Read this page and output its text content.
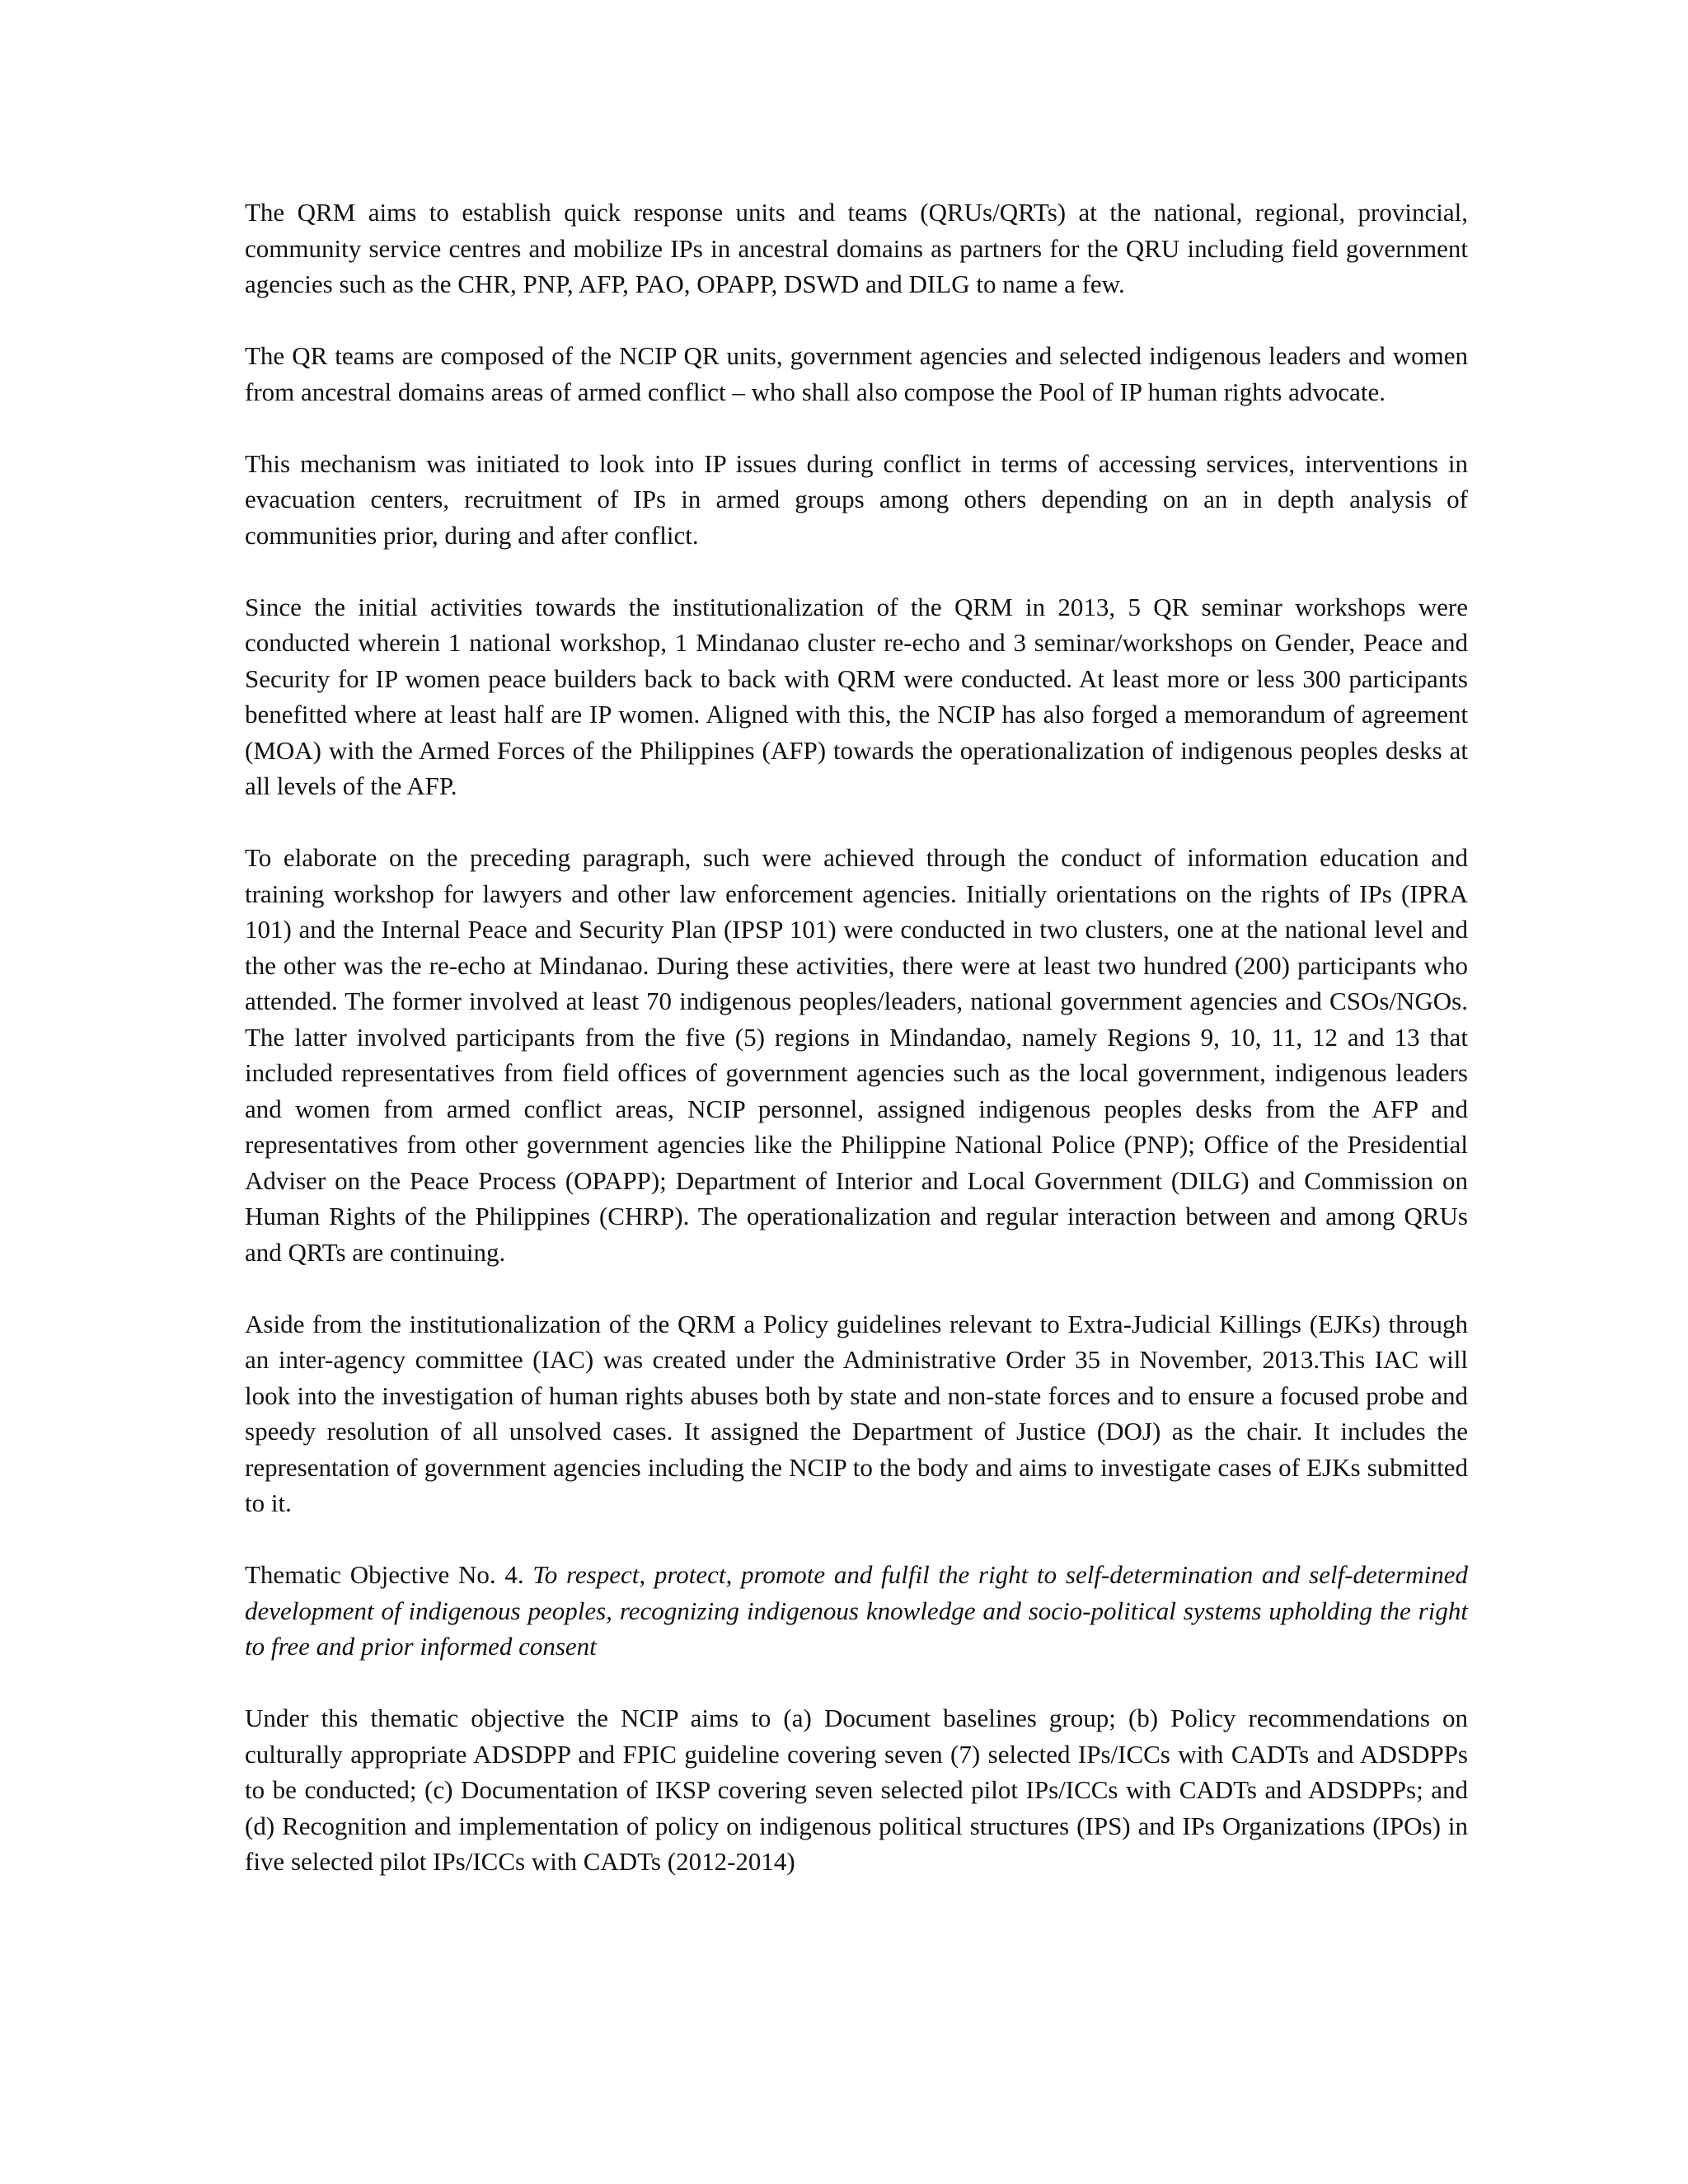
The QRM aims to establish quick response units and teams (QRUs/QRTs) at the national, regional, provincial, community service centres and mobilize IPs in ancestral domains as partners for the QRU including field government agencies such as the CHR, PNP, AFP, PAO, OPAPP, DSWD and DILG to name a few.

The QR teams are composed of the NCIP QR units, government agencies and selected indigenous leaders and women from ancestral domains areas of armed conflict – who shall also compose the Pool of IP human rights advocate.

This mechanism was initiated to look into IP issues during conflict in terms of accessing services, interventions in evacuation centers, recruitment of IPs in armed groups among others depending on an in depth analysis of communities prior, during and after conflict.

Since the initial activities towards the institutionalization of the QRM in 2013, 5 QR seminar workshops were conducted wherein 1 national workshop, 1 Mindanao cluster re-echo and 3 seminar/workshops on Gender, Peace and Security for IP women peace builders back to back with QRM were conducted. At least more or less 300 participants benefitted where at least half are IP women. Aligned with this, the NCIP has also forged a memorandum of agreement (MOA) with the Armed Forces of the Philippines (AFP) towards the operationalization of indigenous peoples desks at all levels of the AFP.

To elaborate on the preceding paragraph, such were achieved through the conduct of information education and training workshop for lawyers and other law enforcement agencies. Initially orientations on the rights of IPs (IPRA 101) and the Internal Peace and Security Plan (IPSP 101) were conducted in two clusters, one at the national level and the other was the re-echo at Mindanao. During these activities, there were at least two hundred (200) participants who attended. The former involved at least 70 indigenous peoples/leaders, national government agencies and CSOs/NGOs. The latter involved participants from the five (5) regions in Mindandao, namely Regions 9, 10, 11, 12 and 13 that included representatives from field offices of government agencies such as the local government, indigenous leaders and women from armed conflict areas, NCIP personnel, assigned indigenous peoples desks from the AFP and representatives from other government agencies like the Philippine National Police (PNP); Office of the Presidential Adviser on the Peace Process (OPAPP); Department of Interior and Local Government (DILG) and Commission on Human Rights of the Philippines (CHRP). The operationalization and regular interaction between and among QRUs and QRTs are continuing.

Aside from the institutionalization of the QRM a Policy guidelines relevant to Extra-Judicial Killings (EJKs) through an inter-agency committee (IAC) was created under the Administrative Order 35 in November, 2013.This IAC will look into the investigation of human rights abuses both by state and non-state forces and to ensure a focused probe and speedy resolution of all unsolved cases. It assigned the Department of Justice (DOJ) as the chair. It includes the representation of government agencies including the NCIP to the body and aims to investigate cases of EJKs submitted to it.

Thematic Objective No. 4. To respect, protect, promote and fulfil the right to self-determination and self-determined development of indigenous peoples, recognizing indigenous knowledge and socio-political systems upholding the right to free and prior informed consent

Under this thematic objective the NCIP aims to (a) Document baselines group; (b) Policy recommendations on culturally appropriate ADSDPP and FPIC guideline covering seven (7) selected IPs/ICCs with CADTs and ADSDPPs to be conducted; (c) Documentation of IKSP covering seven selected pilot IPs/ICCs with CADTs and ADSDPPs; and (d) Recognition and implementation of policy on indigenous political structures (IPS) and IPs Organizations (IPOs) in five selected pilot IPs/ICCs with CADTs (2012-2014)
